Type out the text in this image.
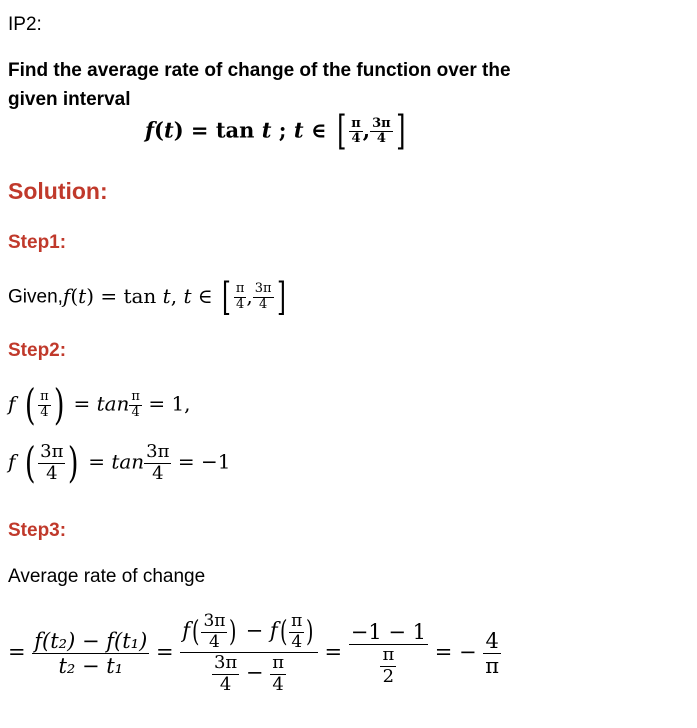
IP2:
Find the average rate of change of the function over the
given interval
f(t) = tan t ; t ∈ [ $\frac{\pi}{4}$ , $\frac{3\pi}{4}$ ]
Solution:
Step1:
Given,f(t) = tan t, t ∈ [ $\frac{\pi}{4}$ , $\frac{3\pi}{4}$ ]
Step2:
f ( $\frac{\pi}{4}$ ) = $\tan \frac{\pi}{4} = 1$,
f ( $\frac{3\pi}{4}$ ) = $\tan \frac{3\pi}{4} = -1$
Step3:
Average rate of change
= $\frac{\text{f(t₂) − f(t₁)}}{\text{t₂ − t₁}} = \frac{f( \frac{3\pi}{4} ) - f( \frac{\pi}{4} )}{\frac{3\pi}{4} - \frac{\pi}{4}} = \frac{-1 - 1}{\frac{\pi}{2}}$ = − $\frac{4}{\pi}$
